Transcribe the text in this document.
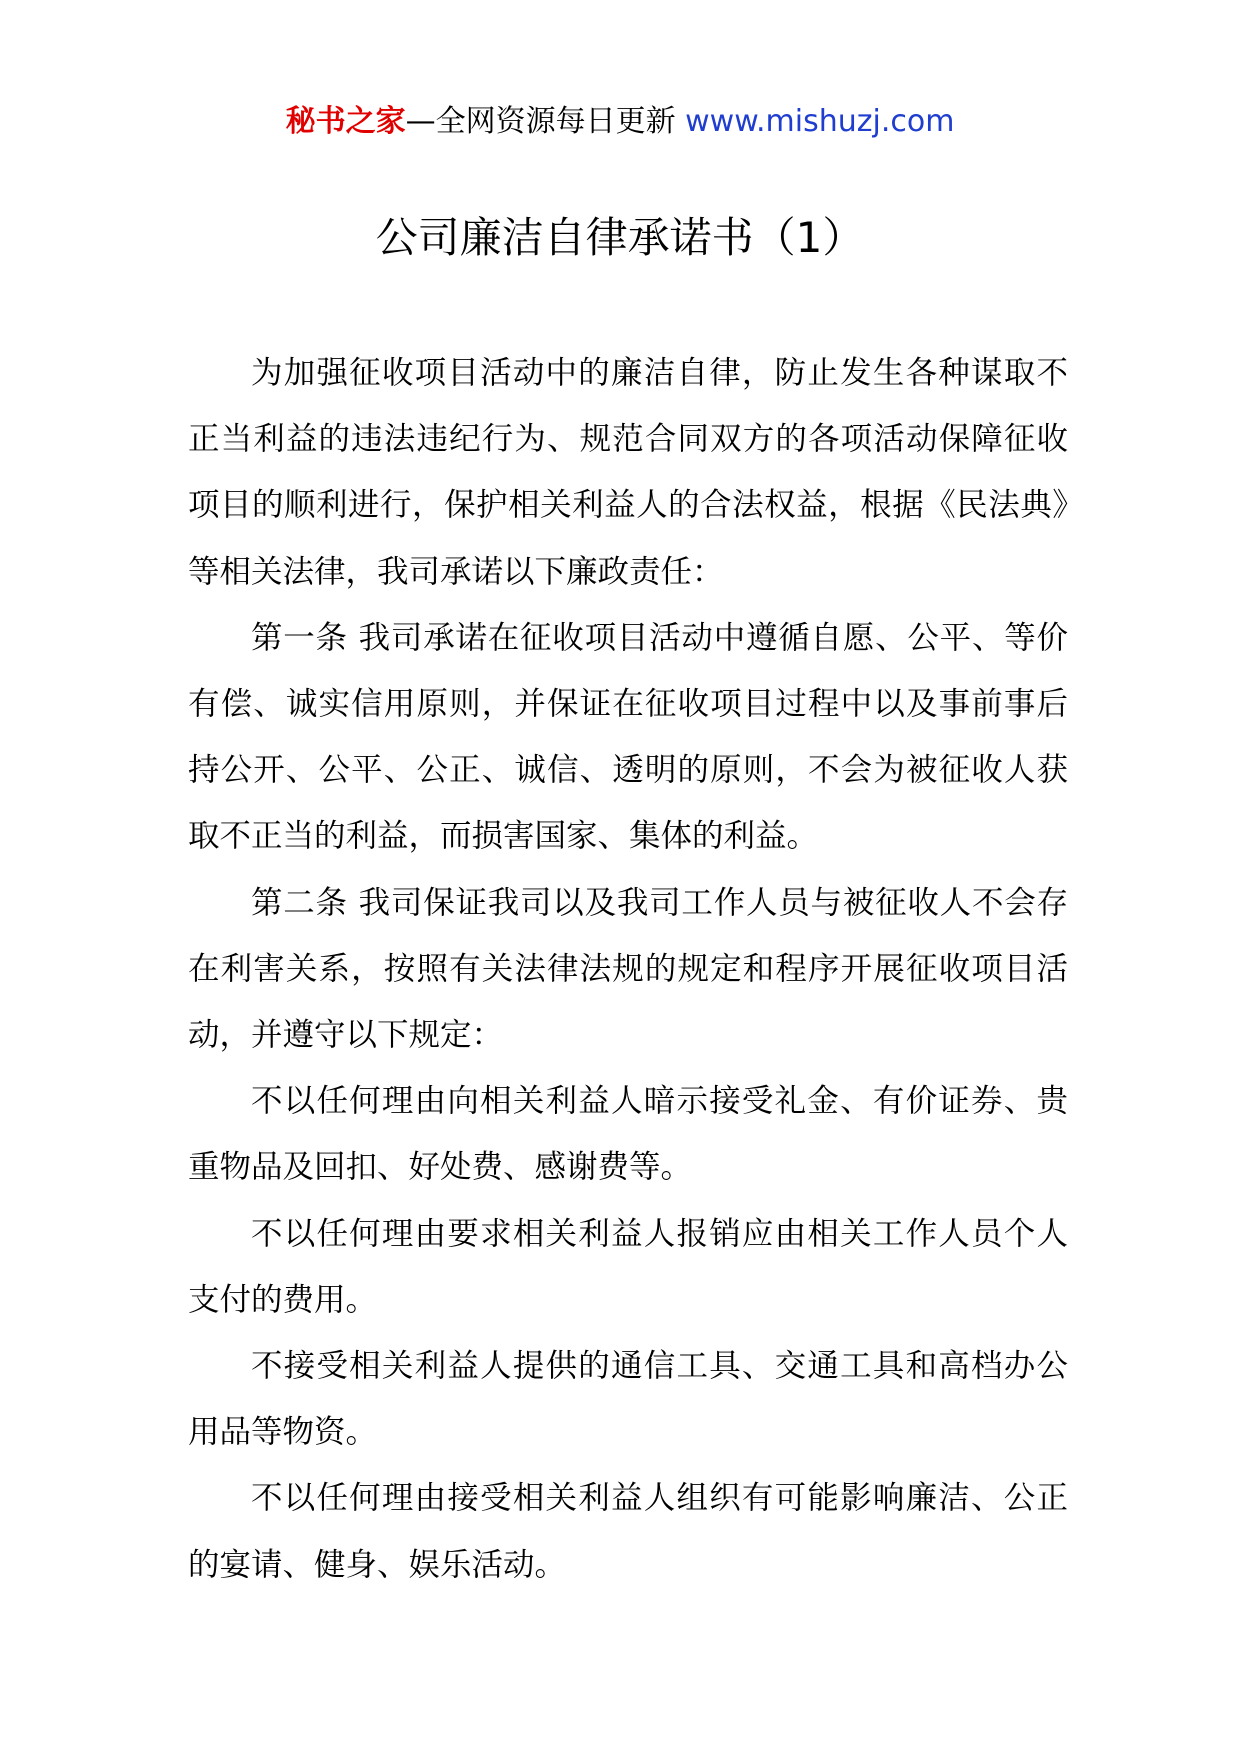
秘书之家—全网资源每日更新 www.mishuzj.com
公司廉洁自律承诺书（1）

为加强征收项目活动中的廉洁自律，防止发生各种谋取不正当利益的违法违纪行为、规范合同双方的各项活动保障征收项目的顺利进行，保护相关利益人的合法权益，根据《民法典》等相关法律，我司承诺以下廉政责任：

第一条 我司承诺在征收项目活动中遵循自愿、公平、等价有偿、诚实信用原则，并保证在征收项目过程中以及事前事后持公开、公平、公正、诚信、透明的原则，不会为被征收人获取不正当的利益，而损害国家、集体的利益。

第二条 我司保证我司以及我司工作人员与被征收人不会存在利害关系，按照有关法律法规的规定和程序开展征收项目活动，并遵守以下规定：

不以任何理由向相关利益人暗示接受礼金、有价证券、贵重物品及回扣、好处费、感谢费等。

不以任何理由要求相关利益人报销应由相关工作人员个人支付的费用。

不接受相关利益人提供的通信工具、交通工具和高档办公用品等物资。

不以任何理由接受相关利益人组织有可能影响廉洁、公正的宴请、健身、娱乐活动。
